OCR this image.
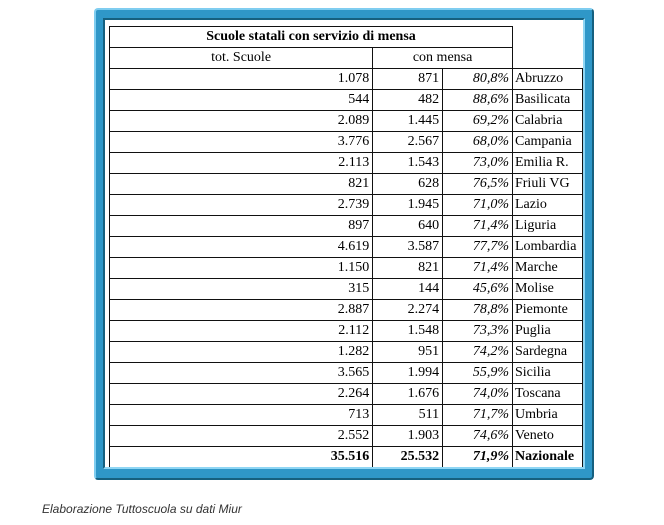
Scuole statali con servizio di mensa			
tot. Scuole	con mensa		
1.078	871	80,8%	Abruzzo
544	482	88,6%	Basilicata
2.089	1.445	69,2%	Calabria
3.776	2.567	68,0%	Campania
2.113	1.543	73,0%	Emilia R.
821	628	76,5%	Friuli VG
2.739	1.945	71,0%	Lazio
897	640	71,4%	Liguria
4.619	3.587	77,7%	Lombardia
1.150	821	71,4%	Marche
315	144	45,6%	Molise
2.887	2.274	78,8%	Piemonte
2.112	1.548	73,3%	Puglia
1.282	951	74,2%	Sardegna
3.565	1.994	55,9%	Sicilia
2.264	1.676	74,0%	Toscana
713	511	71,7%	Umbria
2.552	1.903	74,6%	Veneto
35.516	25.532	71,9%	Nazionale
Elaborazione Tuttoscuola su dati Miur
